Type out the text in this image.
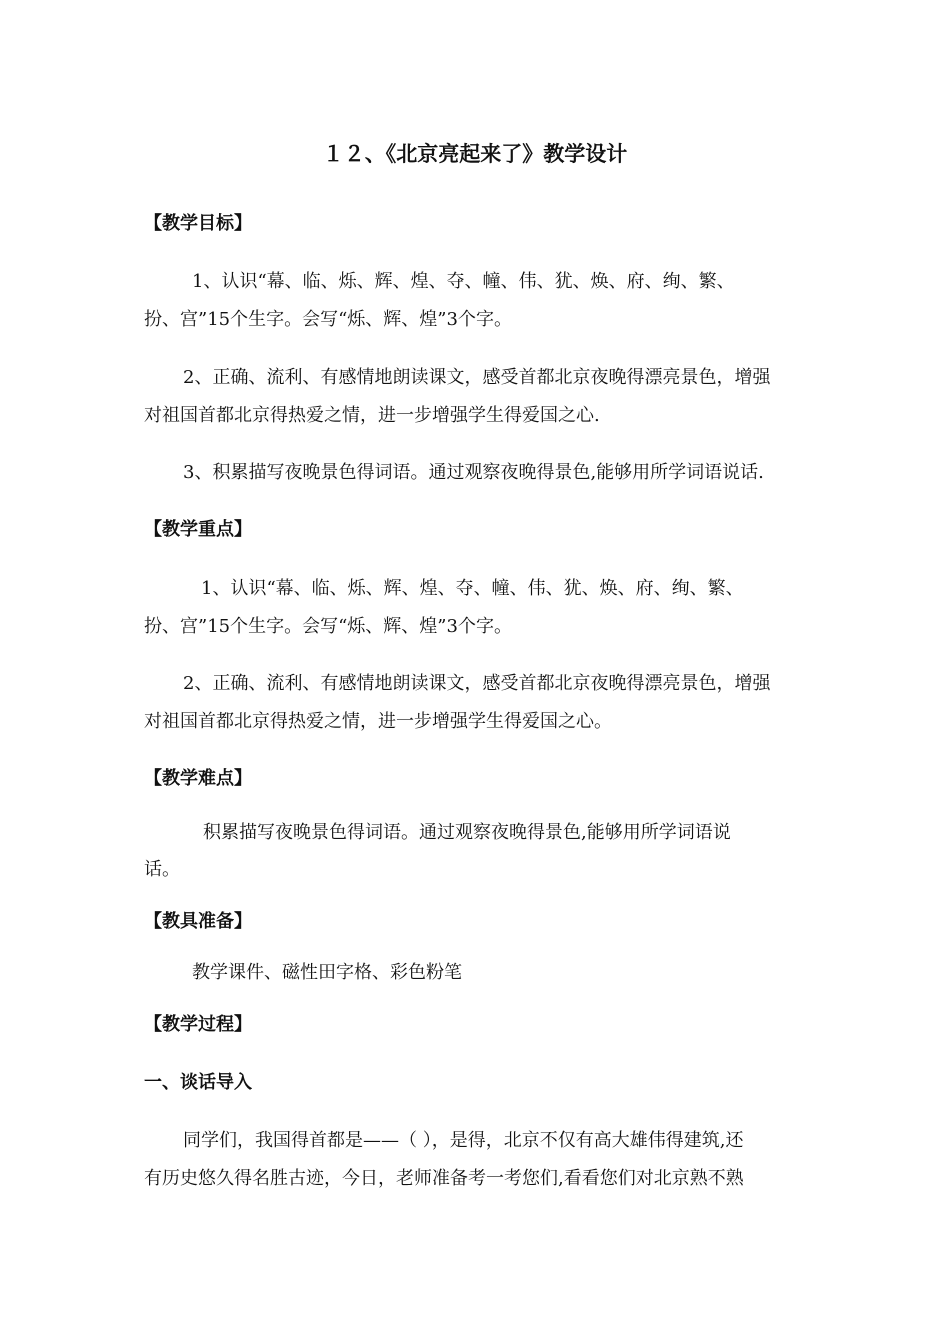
１２、《北京亮起来了》教学设计
【教学目标】
1、认识“幕、临、烁、辉、煌、夺、幢、伟、犹、焕、府、绚、繁、
扮、宫”15个生字。会写“烁、辉、煌”3个字。
2、正确、流利、有感情地朗读课文，感受首都北京夜晚得漂亮景色，增强
对祖国首都北京得热爱之情，进一步增强学生得爱国之心.
3、积累描写夜晚景色得词语。通过观察夜晚得景色,能够用所学词语说话.
【教学重点】
1、认识“幕、临、烁、辉、煌、夺、幢、伟、犹、焕、府、绚、繁、
扮、宫”15个生字。会写“烁、辉、煌”3个字。
2、正确、流利、有感情地朗读课文，感受首都北京夜晚得漂亮景色，增强
对祖国首都北京得热爱之情，进一步增强学生得爱国之心。
【教学难点】
积累描写夜晚景色得词语。通过观察夜晚得景色,能够用所学词语说
话。
【教具准备】
教学课件、磁性田字格、彩色粉笔
【教学过程】
一、谈话导入
同学们，我国得首都是——（ ），是得，北京不仅有高大雄伟得建筑,还
有历史悠久得名胜古迹，今日，老师准备考一考您们,看看您们对北京熟不熟
